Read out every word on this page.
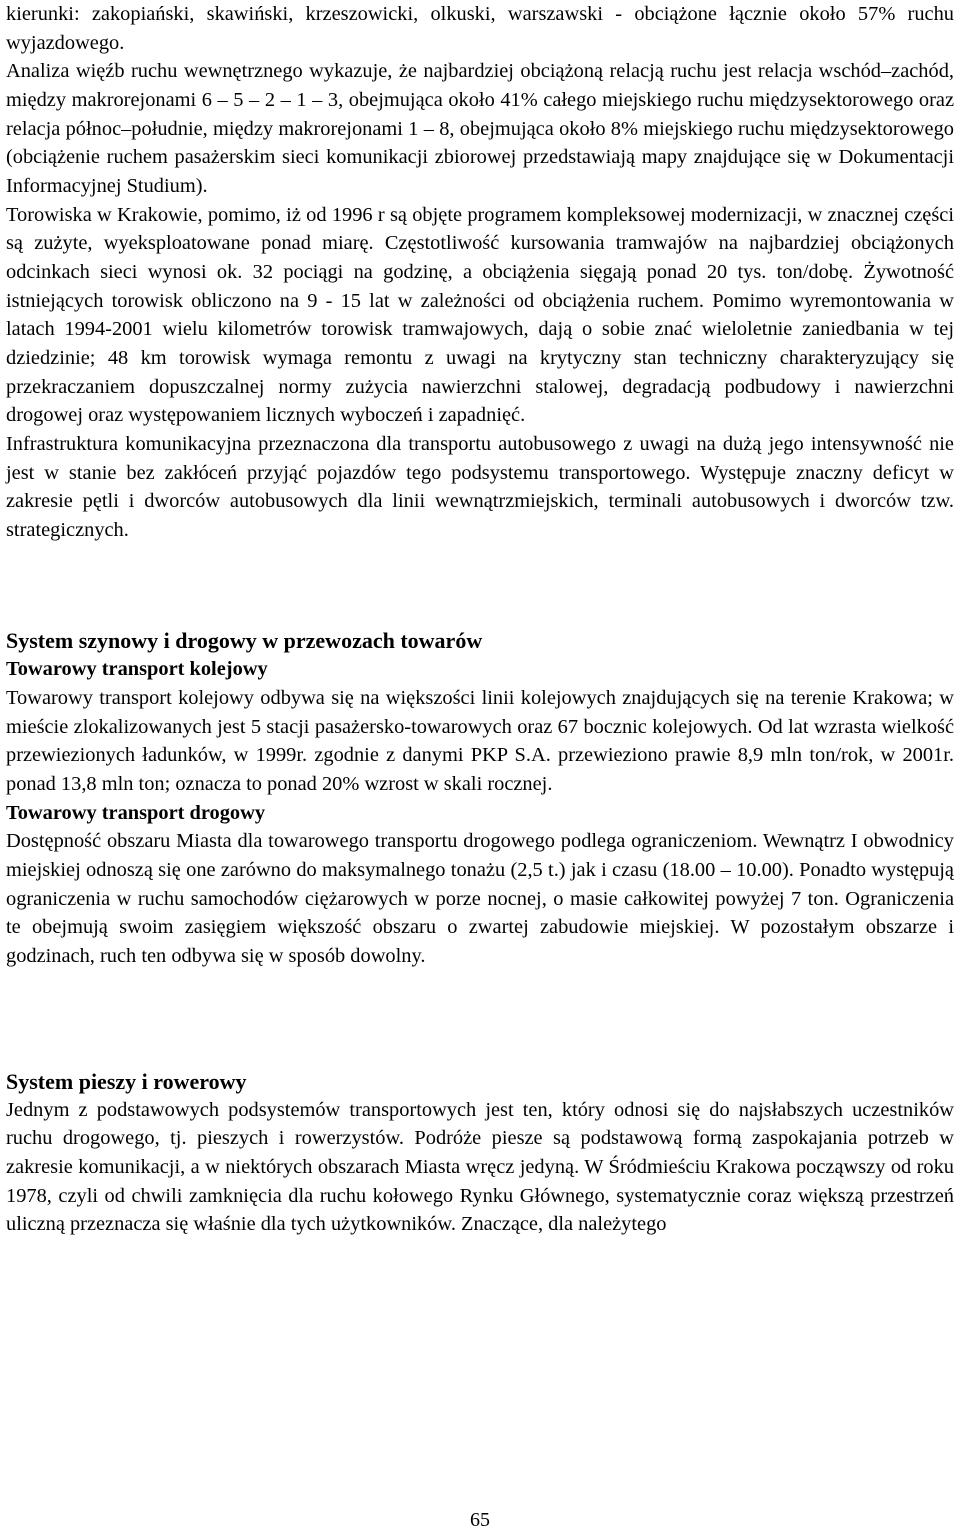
kierunki: zakopiański, skawiński, krzeszowicki, olkuski, warszawski - obciążone łącznie około 57% ruchu wyjazdowego.

Analiza więźb ruchu wewnętrznego wykazuje, że najbardziej obciążoną relacją ruchu jest relacja wschód–zachód, między makrorejonami 6 – 5 – 2 – 1 – 3, obejmująca około 41% całego miejskiego ruchu międzysektorowego oraz relacja północ–południe, między makrorejonami 1 – 8, obejmująca około 8% miejskiego ruchu międzysektorowego (obciążenie ruchem pasażerskim sieci komunikacji zbiorowej przedstawiają mapy znajdujące się w Dokumentacji Informacyjnej Studium).

Torowiska w Krakowie, pomimo, iż od 1996 r są objęte programem kompleksowej modernizacji, w znacznej części są zużyte, wyeksploatowane ponad miarę. Częstotliwość kursowania tramwajów na najbardziej obciążonych odcinkach sieci wynosi ok. 32 pociągi na godzinę, a obciążenia sięgają ponad 20 tys. ton/dobę. Żywotność istniejących torowisk obliczono na 9 - 15 lat w zależności od obciążenia ruchem. Pomimo wyremontowania w latach 1994-2001 wielu kilometrów torowisk tramwajowych, dają o sobie znać wieloletnie zaniedbania w tej dziedzinie; 48 km torowisk wymaga remontu z uwagi na krytyczny stan techniczny charakteryzujący się przekraczaniem dopuszczalnej normy zużycia nawierzchni stalowej, degradacją podbudowy i nawierzchni drogowej oraz występowaniem licznych wyboczeń i zapadnięć.

Infrastruktura komunikacyjna przeznaczona dla transportu autobusowego z uwagi na dużą jego intensywność nie jest w stanie bez zakłóceń przyjąć pojazdów tego podsystemu transportowego. Występuje znaczny deficyt w zakresie pętli i dworców autobusowych dla linii wewnątrzmiejskich, terminali autobusowych i dworców tzw. strategicznych.

System szynowy i drogowy w przewozach towarów
Towarowy transport kolejowy

Towarowy transport kolejowy odbywa się na większości linii kolejowych znajdujących się na terenie Krakowa; w mieście zlokalizowanych jest 5 stacji pasażersko-towarowych oraz 67 bocznic kolejowych. Od lat wzrasta wielkość przewiezionych ładunków, w 1999r. zgodnie z danymi PKP S.A. przewieziono prawie 8,9 mln ton/rok, w 2001r. ponad 13,8 mln ton; oznacza to ponad 20% wzrost w skali rocznej.

Towarowy transport drogowy

Dostępność obszaru Miasta dla towarowego transportu drogowego podlega ograniczeniom. Wewnątrz I obwodnicy miejskiej odnoszą się one zarówno do maksymalnego tonażu (2,5 t.) jak i czasu (18.00 – 10.00). Ponadto występują ograniczenia w ruchu samochodów ciężarowych w porze nocnej, o masie całkowitej powyżej 7 ton. Ograniczenia te obejmują swoim zasięgiem większość obszaru o zwartej zabudowie miejskiej. W pozostałym obszarze i godzinach, ruch ten odbywa się w sposób dowolny.

System pieszy i rowerowy

Jednym z podstawowych podsystemów transportowych jest ten, który odnosi się do najsłabszych uczestników ruchu drogowego, tj. pieszych i rowerzystów. Podróże piesze są podstawową formą zaspokajania potrzeb w zakresie komunikacji, a w niektórych obszarach Miasta wręcz jedyną. W Śródmieściu Krakowa począwszy od roku 1978, czyli od chwili zamknięcia dla ruchu kołowego Rynku Głównego, systematycznie coraz większą przestrzeń uliczną przeznacza się właśnie dla tych użytkowników. Znaczące, dla należytego

65
